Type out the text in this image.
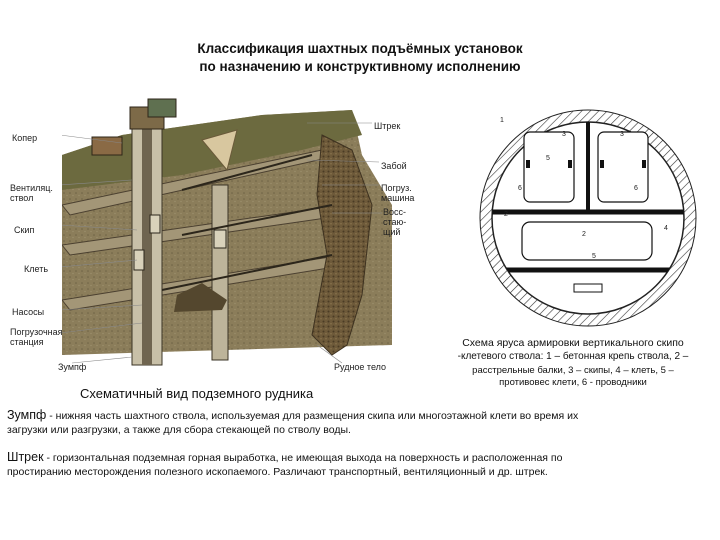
Классификация шахтных подъёмных установок
по назначению и конструктивному исполнению
Копер
Вентиляц.
ствол
Скип
Клеть
Насосы
Погрузочная
станция
Зумпф
Штрек
Забой
Погруз.
машина
Восс-
стаю-
щий
Рудное тело
Схематичный вид подземного рудника
1
2
2
3	3
4
5
5
6	6
Схема яруса армировки вертикального скипо
-клетевого ствола: 1 – бетонная крепь ствола, 2 –
расстрельные балки, 3 – скипы, 4 – клеть, 5 –
противовес клети, 6 - проводники
Зумпф - нижняя часть шахтного ствола, используемая для размещения скипа или многоэтажной клети во время их
загрузки или разгрузки, а также для сбора стекающей по стволу воды.
Штрек - горизонтальная подземная горная выработка, не имеющая выхода на поверхность и расположенная по
простиранию месторождения полезного ископаемого. Различают транспортный, вентиляционный и др. штрек.
